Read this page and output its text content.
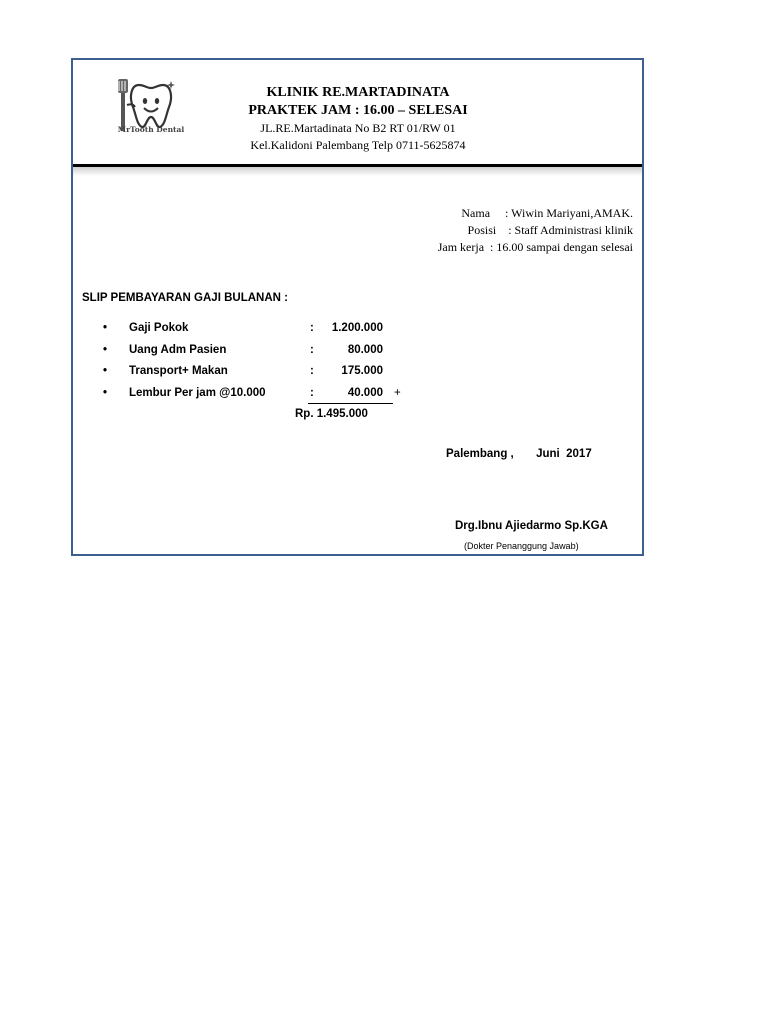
MrTooth Dental
KLINIK RE.MARTADINATA
PRAKTEK JAM : 16.00 – SELESAI
JL.RE.Martadinata No B2 RT 01/RW 01
Kel.Kalidoni Palembang Telp 0711-5625874
Nama : Wiwin Mariyani,AMAK.
Posisi : Staff Administrasi klinik
Jam kerja : 16.00 sampai dengan selesai
SLIP PEMBAYARAN GAJI BULANAN :
• Gaji Pokok	:	1.200.000
• Uang Adm Pasien	:	80.000
• Transport+ Makan	:	175.000
• Lembur Per jam @10.000	:	40.000 +
Rp. 1.495.000
Palembang ,       Juni  2017
Drg.Ibnu Ajiedarmo Sp.KGA
(Dokter Penanggung Jawab)
